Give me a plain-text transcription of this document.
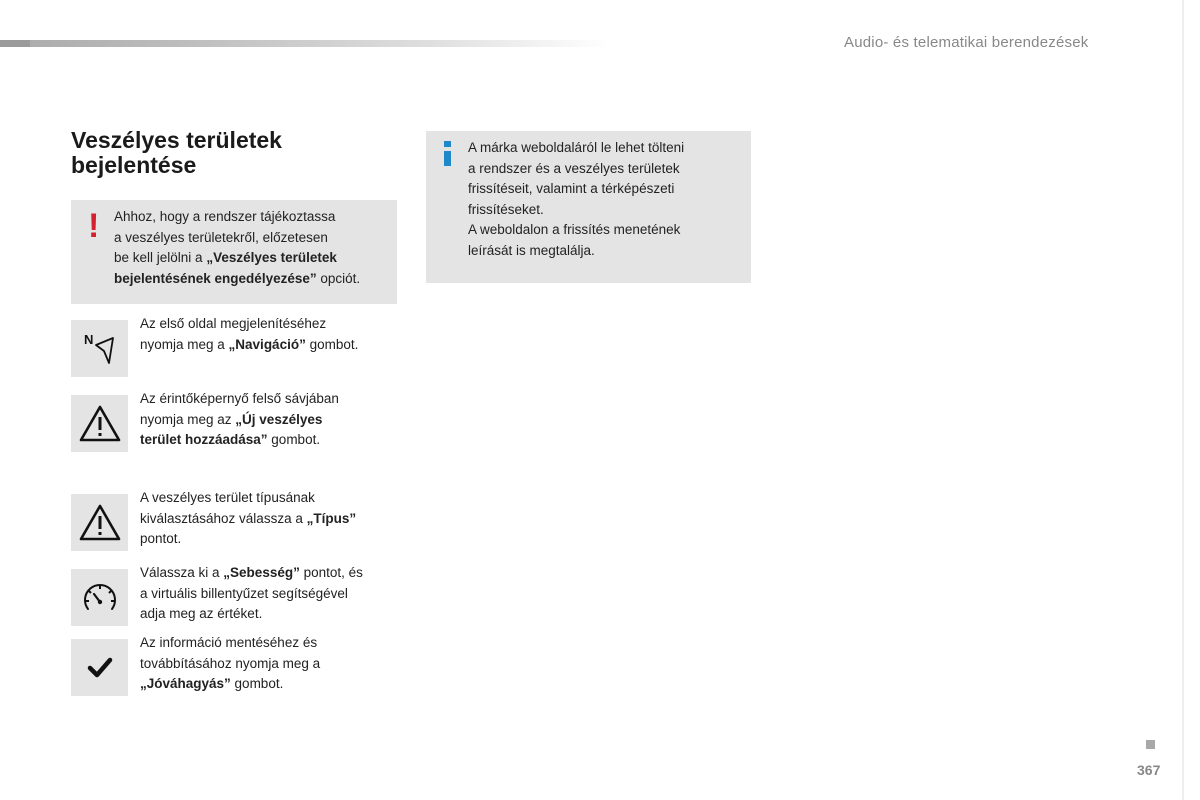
Audio- és telematikai berendezések
Veszélyes területek
bejelentése
! Ahhoz, hogy a rendszer tájékoztassa
a veszélyes területekről, előzetesen
be kell jelölni a „Veszélyes területek
bejelentésének engedélyezése” opciót.
A márka weboldaláról le lehet tölteni
a rendszer és a veszélyes területek
frissítéseit, valamint a térképészeti
frissítéseket.
A weboldalon a frissítés menetének
leírását is megtalálja.
N
Az első oldal megjelenítéséhez
nyomja meg a „Navigáció” gombot.
Az érintőképernyő felső sávjában
nyomja meg az „Új veszélyes
terület hozzáadása” gombot.
A veszélyes terület típusának
kiválasztásához válassza a „Típus”
pontot.
Válassza ki a „Sebesség” pontot, és
a virtuális billentyűzet segítségével
adja meg az értéket.
Az információ mentéséhez és
továbbításához nyomja meg a
„Jóváhagyás” gombot.
367
